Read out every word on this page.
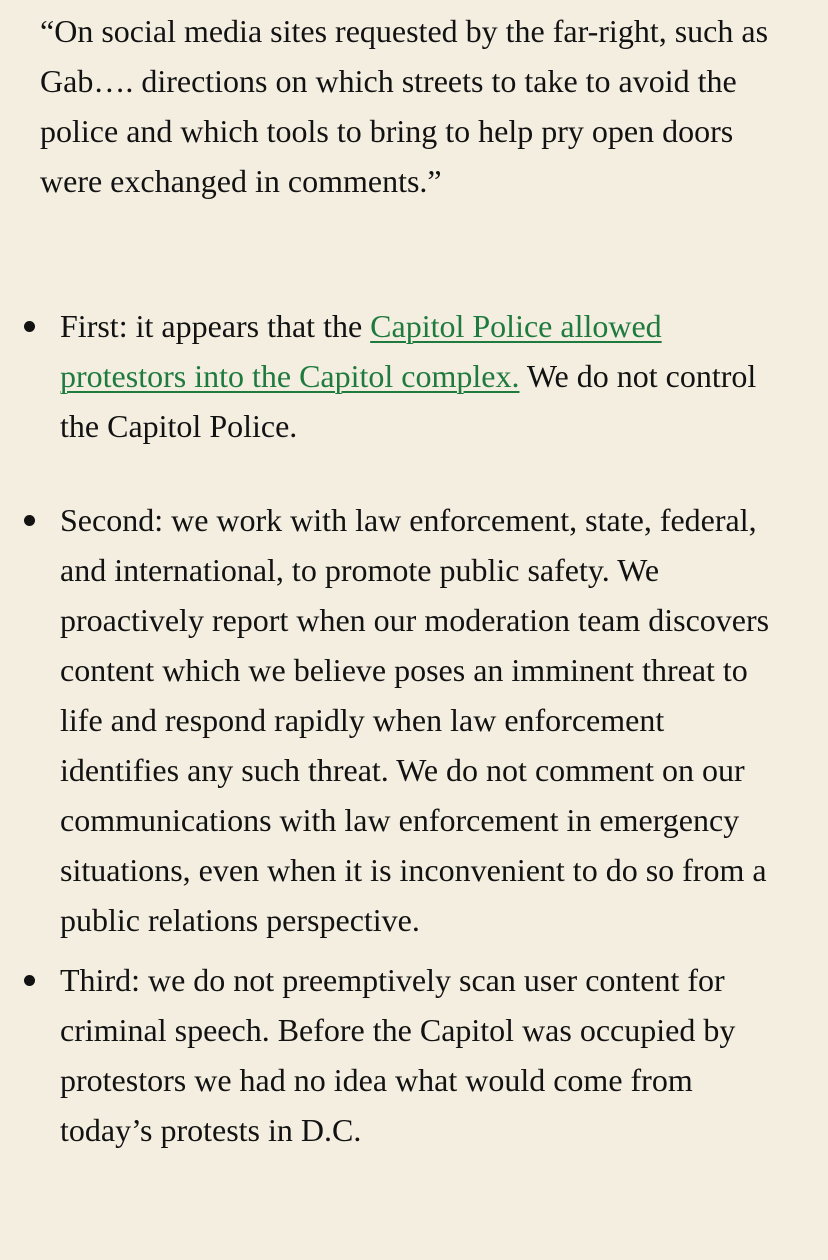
“On social media sites requested by the far-right, such as Gab…. directions on which streets to take to avoid the police and which tools to bring to help pry open doors were exchanged in comments.”

First: it appears that the Capitol Police allowed protestors into the Capitol complex. We do not control the Capitol Police.
Second: we work with law enforcement, state, federal, and international, to promote public safety. We proactively report when our moderation team discovers content which we believe poses an imminent threat to life and respond rapidly when law enforcement identifies any such threat. We do not comment on our communications with law enforcement in emergency situations, even when it is inconvenient to do so from a public relations perspective.
Third: we do not preemptively scan user content for criminal speech. Before the Capitol was occupied by protestors we had no idea what would come from today’s protests in D.C.
